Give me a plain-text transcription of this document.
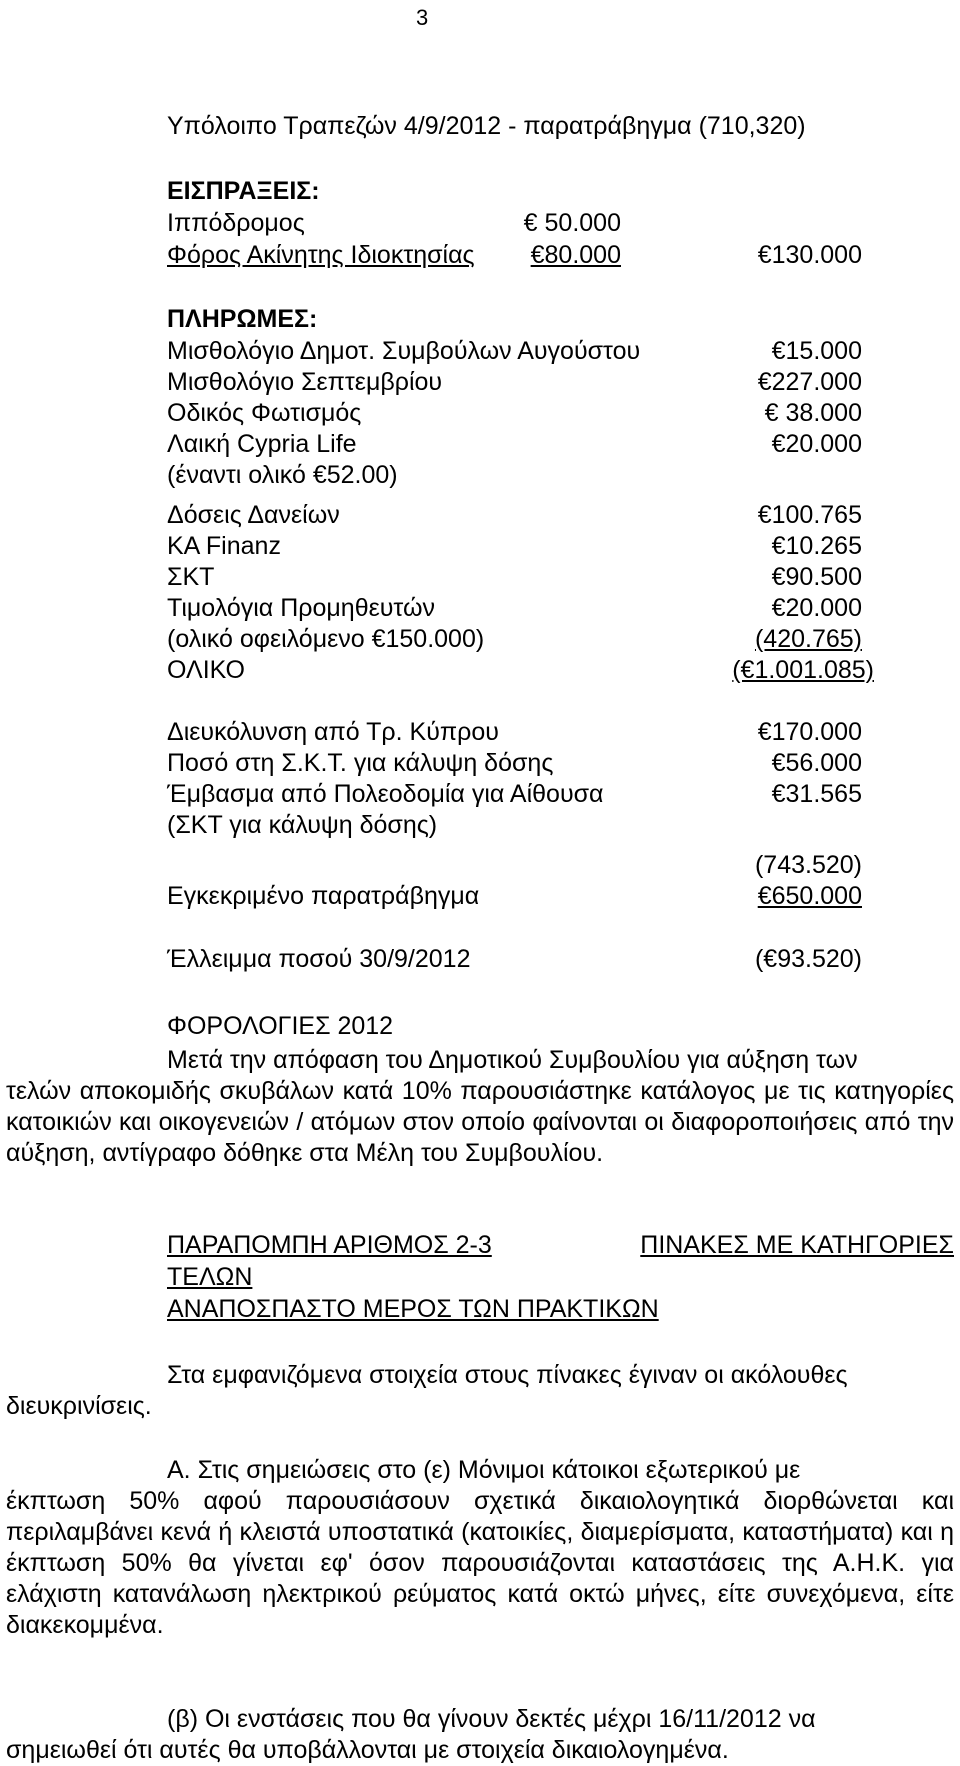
3
Υπόλοιπο Τραπεζών 4/9/2012 - παρατράβηγμα (710,320)
ΕΙΣΠΡΑΞΕΙΣ:
Ιππόδρομος	€ 50.000
Φόρος Ακίνητης Ιδιοκτησίας €80.000	€130.000
ΠΛΗΡΩΜΕΣ:
Μισθολόγιο Δημοτ. Συμβούλων Αυγούστου	€15.000
Μισθολόγιο Σεπτεμβρίου	€227.000
Οδικός Φωτισμός	€ 38.000
Λαική Cypria Life	€20.000
(έναντι ολικό €52.00)
Δόσεις Δανείων	€100.765
ΚΑ Finanz	€10.265
ΣΚΤ	€90.500
Τιμολόγια Προμηθευτών	€20.000
(ολικό οφειλόμενο €150.000)	(420.765)
ΟΛΙΚΟ	(€1.001.085)
Διευκόλυνση από Τρ. Κύπρου	€170.000
Ποσό στη Σ.Κ.Τ. για κάλυψη δόσης	€56.000
Έμβασμα από Πολεοδομία για Αίθουσα	€31.565
(ΣΚΤ για κάλυψη δόσης)
(743.520)
Εγκεκριμένο παρατράβηγμα	€650.000
Έλλειμμα ποσού 30/9/2012	(€93.520)
ΦΟΡΟΛΟΓΙΕΣ 2012
Μετά την απόφαση του Δημοτικού Συμβουλίου για αύξηση των
τελών αποκομιδής σκυβάλων κατά 10% παρουσιάστηκε κατάλογος με τις κατηγορίες κατοικιών και οικογενειών / ατόμων στον οποίο φαίνονται οι διαφοροποιήσεις από την αύξηση, αντίγραφο δόθηκε στα Μέλη του Συμβουλίου.
ΠΑΡΑΠΟΜΠΗ ΑΡΙΘΜΟΣ 2-3	ΠΙΝΑΚΕΣ ΜΕ ΚΑΤΗΓΟΡΙΕΣ
ΤΕΛΩΝ
ΑΝΑΠΟΣΠΑΣΤΟ ΜΕΡΟΣ ΤΩΝ ΠΡΑΚΤΙΚΩΝ
Στα εμφανιζόμενα στοιχεία στους πίνακες έγιναν οι ακόλουθες
διευκρινίσεις.
Α. Στις σημειώσεις στο (ε) Μόνιμοι κάτοικοι εξωτερικού με
έκπτωση 50% αφού παρουσιάσουν σχετικά δικαιολογητικά διορθώνεται και περιλαμβάνει κενά ή κλειστά υποστατικά (κατοικίες, διαμερίσματα, καταστήματα) και η έκπτωση 50% θα γίνεται εφ' όσον παρουσιάζονται καταστάσεις της Α.Η.Κ. για ελάχιστη κατανάλωση ηλεκτρικού ρεύματος κατά οκτώ μήνες, είτε συνεχόμενα, είτε διακεκομμένα.
(β) Οι ενστάσεις που θα γίνουν δεκτές μέχρι 16/11/2012 να
σημειωθεί ότι αυτές θα υποβάλλονται με στοιχεία δικαιολογημένα.
